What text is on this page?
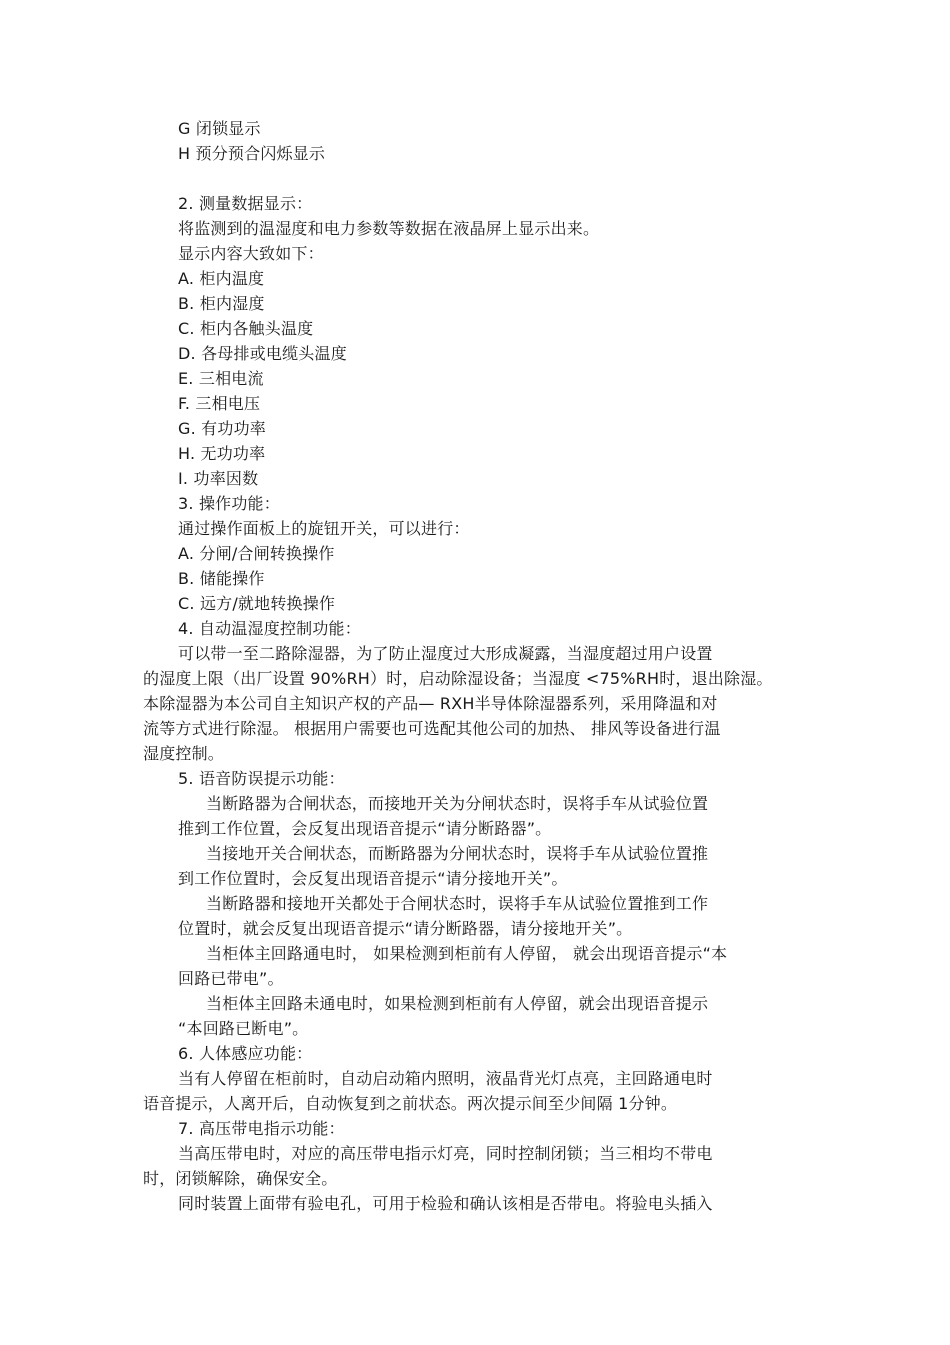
G 闭锁显示
H 预分预合闪烁显示
2. 测量数据显示：
将监测到的温湿度和电力参数等数据在液晶屏上显示出来。
显示内容大致如下：
A. 柜内温度
B. 柜内湿度
C. 柜内各触头温度
D. 各母排或电缆头温度
E. 三相电流
F. 三相电压
G. 有功功率
H. 无功功率
I. 功率因数
3. 操作功能：
通过操作面板上的旋钮开关，可以进行：
A. 分闸/合闸转换操作
B. 储能操作
C. 远方/就地转换操作
4. 自动温湿度控制功能：
可以带一至二路除湿器，为了防止湿度过大形成凝露，当湿度超过用户设置
的湿度上限（出厂设置 90%RH）时，启动除湿设备；当湿度 <75%RH时，退出除湿。
本除湿器为本公司自主知识产权的产品— RXH半导体除湿器系列，采用降温和对
流等方式进行除湿。 根据用户需要也可选配其他公司的加热、 排风等设备进行温
湿度控制。
5. 语音防误提示功能：
当断路器为合闸状态，而接地开关为分闸状态时，误将手车从试验位置
推到工作位置，会反复出现语音提示“请分断路器”。
当接地开关合闸状态，而断路器为分闸状态时，误将手车从试验位置推
到工作位置时，会反复出现语音提示“请分接地开关”。
当断路器和接地开关都处于合闸状态时，误将手车从试验位置推到工作
位置时，就会反复出现语音提示“请分断路器，请分接地开关”。
当柜体主回路通电时， 如果检测到柜前有人停留， 就会出现语音提示“本
回路已带电”。
当柜体主回路未通电时，如果检测到柜前有人停留，就会出现语音提示
“本回路已断电”。
6. 人体感应功能：
当有人停留在柜前时，自动启动箱内照明，液晶背光灯点亮，主回路通电时
语音提示，人离开后，自动恢复到之前状态。两次提示间至少间隔 1分钟。
7. 高压带电指示功能：
当高压带电时，对应的高压带电指示灯亮，同时控制闭锁；当三相均不带电
时，闭锁解除，确保安全。
同时装置上面带有验电孔，可用于检验和确认该相是否带电。将验电头插入
